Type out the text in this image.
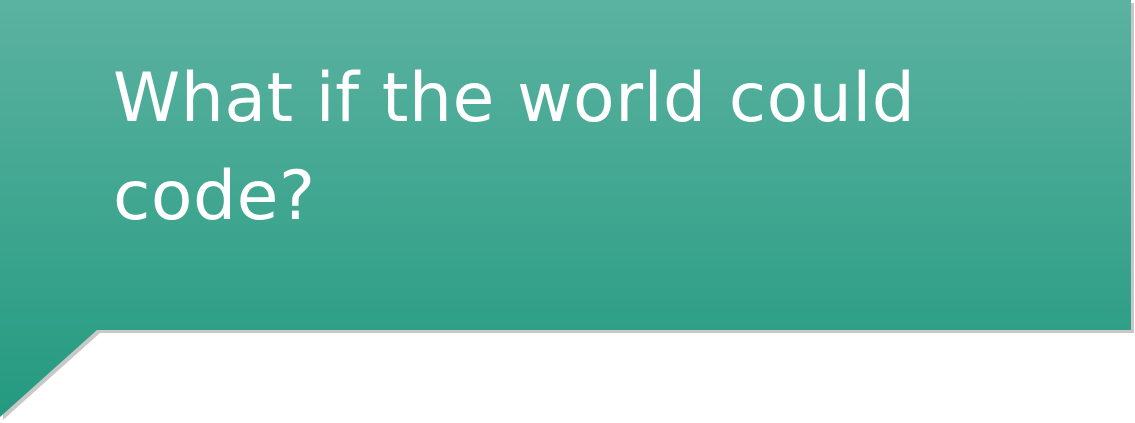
What if the world could code?
